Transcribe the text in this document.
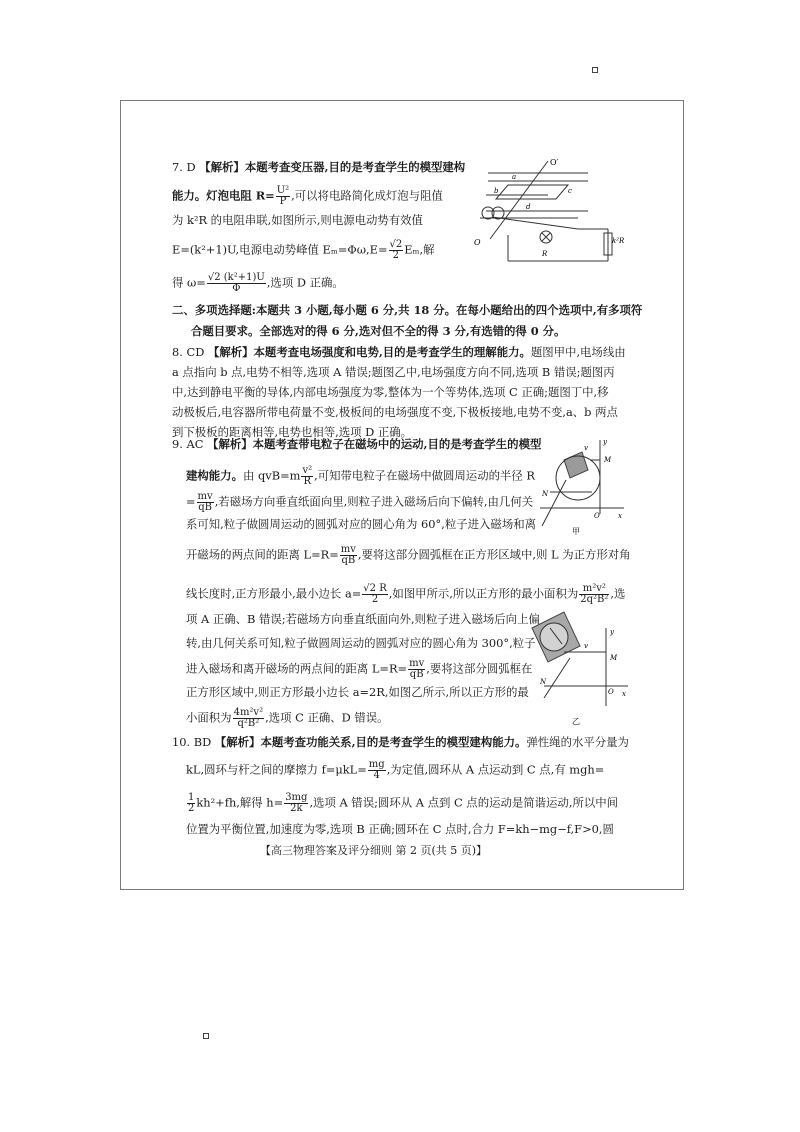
7. D 【解析】本题考查变压器,目的是考查学生的模型建构
能力。灯泡电阻 $R= \frac{\text{U²}}{P}$ ,可以将电路简化成灯泡与阻值
为 k²R 的电阻串联,如图所示,则电源电动势有效值
E=(k²+1)U,电源电动势峰值 $E_m=\Phi\omega,E= \frac{√2}{2} E_m$,解
得 $\omega= \frac{\text{√2 (k²+1)U}}{\Phi}$ ,选项 D 正确。
O′
a
b	c
d
O
R
k²R
二、多项选择题:本题共 3 小题,每小题 6 分,共 18 分。在每小题给出的四个选项中,有多项符
合题目要求。全部选对的得 6 分,选对但不全的得 3 分,有选错的得 0 分。
8. CD 【解析】本题考查电场强度和电势,目的是考查学生的理解能力。题图甲中,电场线由
a 点指向 b 点,电势不相等,选项 A 错误;题图乙中,电场强度方向不同,选项 B 错误;题图丙
中,达到静电平衡的导体,内部电场强度为零,整体为一个等势体,选项 C 正确;题图丁中,移
动极板后,电容器所带电荷量不变,极板间的电场强度不变,下极板接地,电势不变,a、b 两点
到下极板的距离相等,电势也相等,选项 D 正确。
9. AC 【解析】本题考查带电粒子在磁场中的运动,目的是考查学生的模型
建构能力。由 $qvB=m \frac{\text{v²}}{R}$ ,可知带电粒子在磁场中做圆周运动的半径 R
= $\frac{mv}{qB}$ ,若磁场方向垂直纸面向里,则粒子进入磁场后向下偏转,由几何关
系可知,粒子做圆周运动的圆弧对应的圆心角为 60°,粒子进入磁场和离
开磁场的两点间的距离 $L=R= \frac{mv}{qB}$ ,要将这部分圆弧框在正方形区域中,则 L 为正方形对角
线长度时,正方形最小,最小边长 $a= \frac{√2 R}{2}$ ,如图甲所示,所以正方形的最小面积为 $\frac{\text{m²v²}}{\text{2q²B²}}$ ,选
项 A 正确、B 错误;若磁场方向垂直纸面向外,则粒子进入磁场后向上偏
转,由几何关系可知,粒子做圆周运动的圆弧对应的圆心角为 300°,粒子
进入磁场和离开磁场的两点间的距离 $L=R= \frac{mv}{qB}$ ,要将这部分圆弧框在
正方形区域中,则正方形最小边长 a=2R,如图乙所示,所以正方形的最
小面积为 $\frac{\text{4m²v²}}{\text{q²B²}}$ ,选项 C 正确、D 错误。
y
v
M
N
O	x
甲
y
v
M
N
O x
乙
10. BD 【解析】本题考查功能关系,目的是考查学生的模型建构能力。弹性绳的水平分量为
kL,圆环与杆之间的摩擦力 $f=\mu kL= \frac{mg}{4}$ ,为定值,圆环从 A 点运动到 C 点,有 mgh=
$\frac{1}{2} kh^2+fh$,解得 $h= \frac{3mg}{2k}$ ,选项 A 错误;圆环从 A 点到 C 点的运动是简谐运动,所以中间
位置为平衡位置,加速度为零,选项 B 正确;圆环在 C 点时,合力 F=kh−mg−f,F>0,圆
【高三物理答案及评分细则 第 2 页(共 5 页)】
